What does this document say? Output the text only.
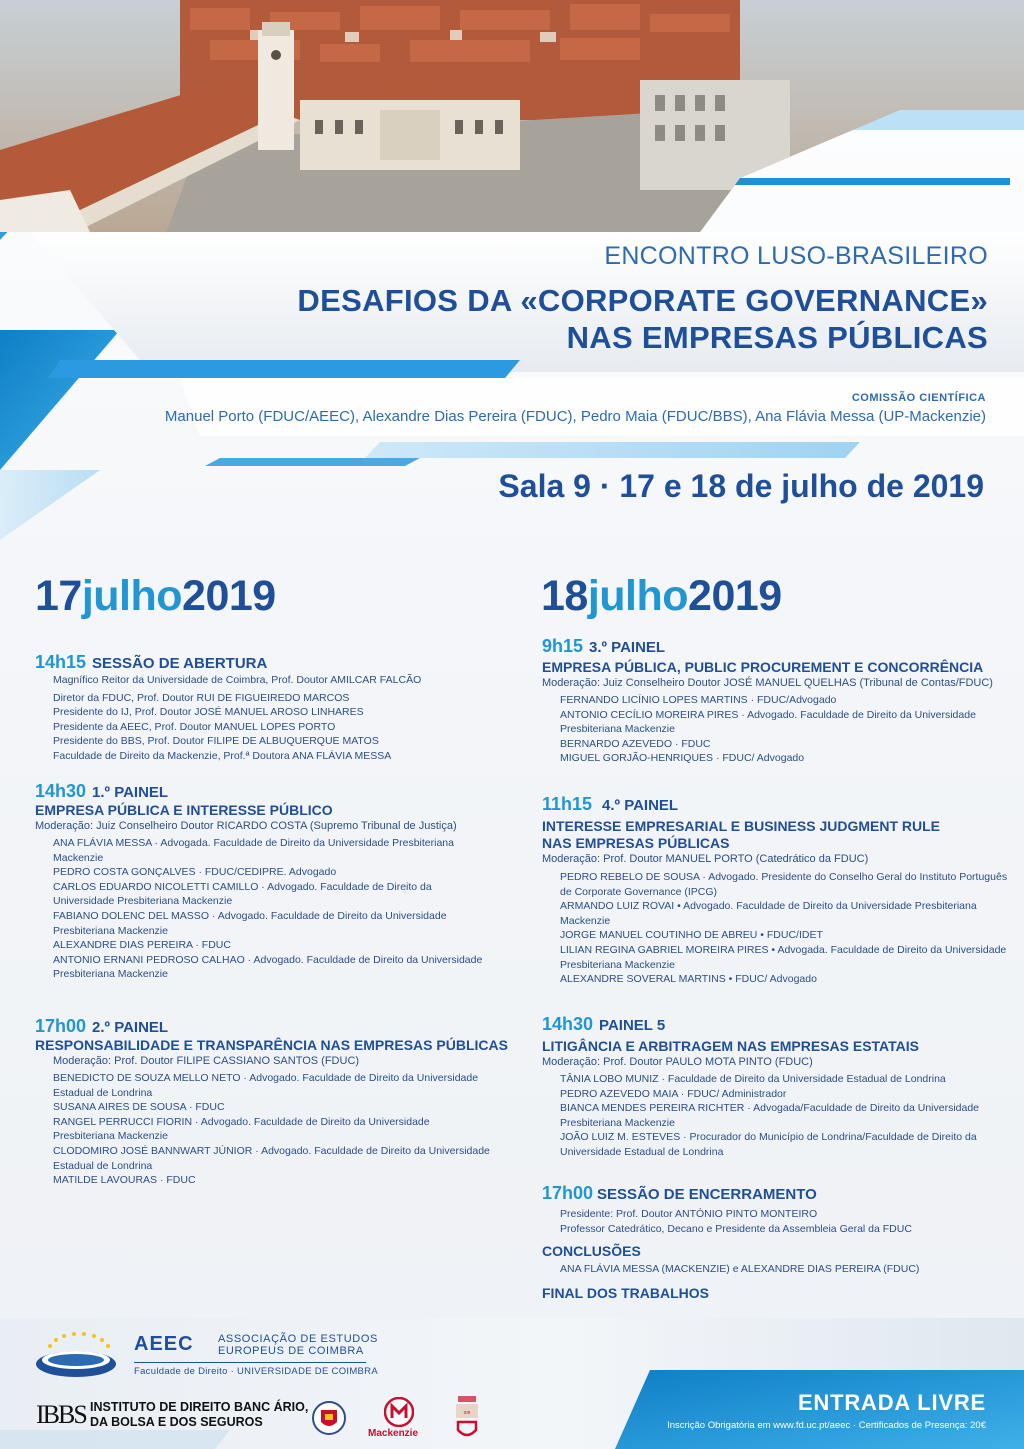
ENCONTRO LUSO-BRASILEIRO
DESAFIOS DA «CORPORATE GOVERNANCE»
NAS EMPRESAS PÚBLICAS
COMISSÃO CIENTÍFICA
Manuel Porto (FDUC/AEEC), Alexandre Dias Pereira (FDUC), Pedro Maia (FDUC/BBS), Ana Flávia Messa (UP-Mackenzie)
Sala 9 · 17 e 18 de julho de 2019
17julho2019
14h15 SESSÃO DE ABERTURA
Magnífico Reitor da Universidade de Coimbra, Prof. Doutor AMILCAR FALCÃO
Diretor da FDUC, Prof. Doutor RUI DE FIGUEIREDO MARCOS
Presidente do IJ, Prof. Doutor JOSÉ MANUEL AROSO LINHARES
Presidente da AEEC, Prof. Doutor MANUEL LOPES PORTO
Presidente do BBS, Prof. Doutor FILIPE DE ALBUQUERQUE MATOS
Faculdade de Direito da Mackenzie, Prof.ª Doutora ANA FLÁVIA MESSA
14h30 1.º PAINEL
EMPRESA PÚBLICA E INTERESSE PÚBLICO
Moderação: Juiz Conselheiro Doutor RICARDO COSTA (Supremo Tribunal de Justiça)
ANA FLÁVIA MESSA · Advogada. Faculdade de Direito da Universidade Presbiteriana Mackenzie
PEDRO COSTA GONÇALVES · FDUC/CEDIPRE. Advogado
CARLOS EDUARDO NICOLETTI CAMILLO · Advogado. Faculdade de Direito da Universidade Presbiteriana Mackenzie
FABIANO DOLENC DEL MASSO · Advogado. Faculdade de Direito da Universidade Presbiteriana Mackenzie
ALEXANDRE DIAS PEREIRA · FDUC
ANTONIO ERNANI PEDROSO CALHAO · Advogado. Faculdade de Direito da Universidade Presbiteriana Mackenzie
17h00 2.º PAINEL
RESPONSABILIDADE E TRANSPARÊNCIA NAS EMPRESAS PÚBLICAS
Moderação: Prof. Doutor FILIPE CASSIANO SANTOS (FDUC)
BENEDICTO DE SOUZA MELLO NETO · Advogado. Faculdade de Direito da Universidade Estadual de Londrina
SUSANA AIRES DE SOUSA · FDUC
RANGEL PERRUCCI FIORIN · Advogado. Faculdade de Direito da Universidade Presbiteriana Mackenzie
CLODOMIRO JOSÉ BANNWART JÚNIOR · Advogado. Faculdade de Direito da Universidade Estadual de Londrina
MATILDE LAVOURAS · FDUC
18julho2019
9h15 3.º PAINEL
EMPRESA PÚBLICA, PUBLIC PROCUREMENT E CONCORRÊNCIA
Moderação: Juiz Conselheiro Doutor JOSÉ MANUEL QUELHAS (Tribunal de Contas/FDUC)
FERNANDO LICÍNIO LOPES MARTINS · FDUC/Advogado
ANTONIO CECÍLIO MOREIRA PIRES · Advogado. Faculdade de Direito da Universidade Presbiteriana Mackenzie
BERNARDO AZEVEDO · FDUC
MIGUEL GORJÃO-HENRIQUES · FDUC/ Advogado
11h15 4.º PAINEL
INTERESSE EMPRESARIAL E BUSINESS JUDGMENT RULE
NAS EMPRESAS PÚBLICAS
Moderação: Prof. Doutor MANUEL PORTO (Catedrático da FDUC)
PEDRO REBELO DE SOUSA · Advogado. Presidente do Conselho Geral do Instituto Português de Corporate Governance (IPCG)
ARMANDO LUIZ ROVAI • Advogado. Faculdade de Direito da Universidade Presbiteriana Mackenzie
JORGE MANUEL COUTINHO DE ABREU • FDUC/IDET
LILIAN REGINA GABRIEL MOREIRA PIRES • Advogada. Faculdade de Direito da Universidade Presbiteriana Mackenzie
ALEXANDRE SOVERAL MARTINS • FDUC/ Advogado
14h30 PAINEL 5
LITIGÂNCIA E ARBITRAGEM NAS EMPRESAS ESTATAIS
Moderação: Prof. Doutor PAULO MOTA PINTO (FDUC)
TÂNIA LOBO MUNIZ · Faculdade de Direito da Universidade Estadual de Londrina
PEDRO AZEVEDO MAIA · FDUC/ Administrador
BIANCA MENDES PEREIRA RICHTER · Advogada/Faculdade de Direito da Universidade Presbiteriana Mackenzie
JOÃO LUIZ M. ESTEVES · Procurador do Município de Londrina/Faculdade de Direito da Universidade Estadual de Londrina
17h00 SESSÃO DE ENCERRAMENTO
Presidente: Prof. Doutor ANTÓNIO PINTO MONTEIRO
Professor Catedrático, Decano e Presidente da Assembleia Geral da FDUC
CONCLUSÕES
ANA FLÁVIA MESSA (MACKENZIE) e ALEXANDRE DIAS PEREIRA (FDUC)
FINAL DOS TRABALHOS
AEEC ASSOCIAÇÃO DE ESTUDOS
EUROPEUS DE COIMBRA
Faculdade de Direito · UNIVERSIDADE DE COIMBRA
IBBS INSTITUTO DE DIREITO BANC ÁRIO,
DA BOLSA E DOS SEGUROS
Mackenzie
IDB	ENTRADA LIVRE
Inscrição Obrigatória em www.fd.uc.pt/aeec · Certificados de Presença: 20€
